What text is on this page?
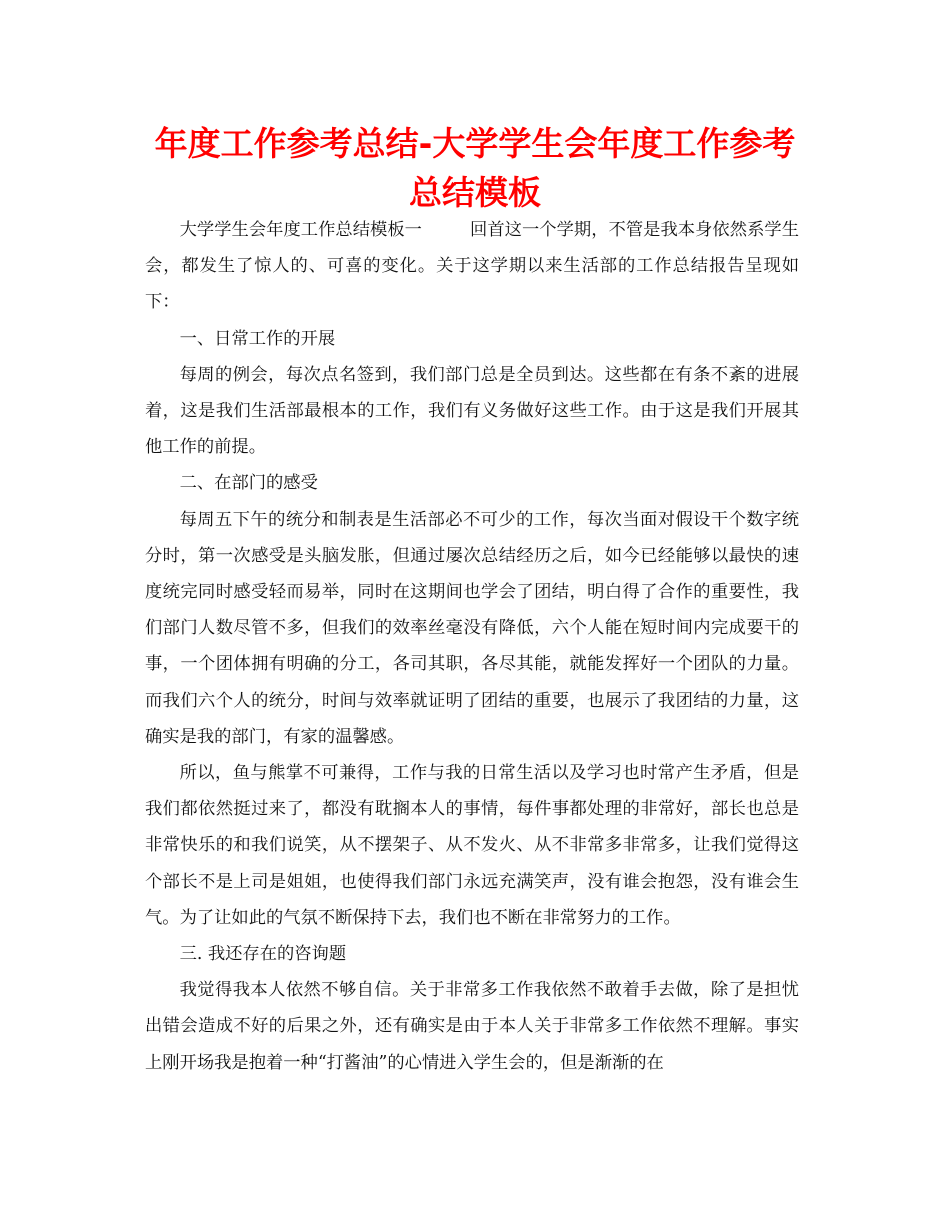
年度工作参考总结-大学学生会年度工作参考总结模板

大学学生会年度工作总结模板一	回首这一个学期，不管是我本身依然系学生会，都发生了惊人的、可喜的变化。关于这学期以来生活部的工作总结报告呈现如下：

一、日常工作的开展

每周的例会，每次点名签到，我们部门总是全员到达。这些都在有条不紊的进展着，这是我们生活部最根本的工作，我们有义务做好这些工作。由于这是我们开展其他工作的前提。

二、在部门的感受

每周五下午的统分和制表是生活部必不可少的工作，每次当面对假设干个数字统分时，第一次感受是头脑发胀，但通过屡次总结经历之后，如今已经能够以最快的速度统完同时感受轻而易举，同时在这期间也学会了团结，明白得了合作的重要性，我们部门人数尽管不多，但我们的效率丝毫没有降低，六个人能在短时间内完成要干的事，一个团体拥有明确的分工，各司其职，各尽其能，就能发挥好一个团队的力量。而我们六个人的统分，时间与效率就证明了团结的重要，也展示了我团结的力量，这确实是我的部门，有家的温馨感。

所以，鱼与熊掌不可兼得，工作与我的日常生活以及学习也时常产生矛盾，但是我们都依然挺过来了，都没有耽搁本人的事情，每件事都处理的非常好，部长也总是非常快乐的和我们说笑，从不摆架子、从不发火、从不非常多非常多，让我们觉得这个部长不是上司是姐姐，也使得我们部门永远充满笑声，没有谁会抱怨，没有谁会生气。为了让如此的气氛不断保持下去，我们也不断在非常努力的工作。

三. 我还存在的咨询题

我觉得我本人依然不够自信。关于非常多工作我依然不敢着手去做，除了是担忧出错会造成不好的后果之外，还有确实是由于本人关于非常多工作依然不理解。事实上刚开场我是抱着一种“打酱油”的心情进入学生会的，但是渐渐的在
